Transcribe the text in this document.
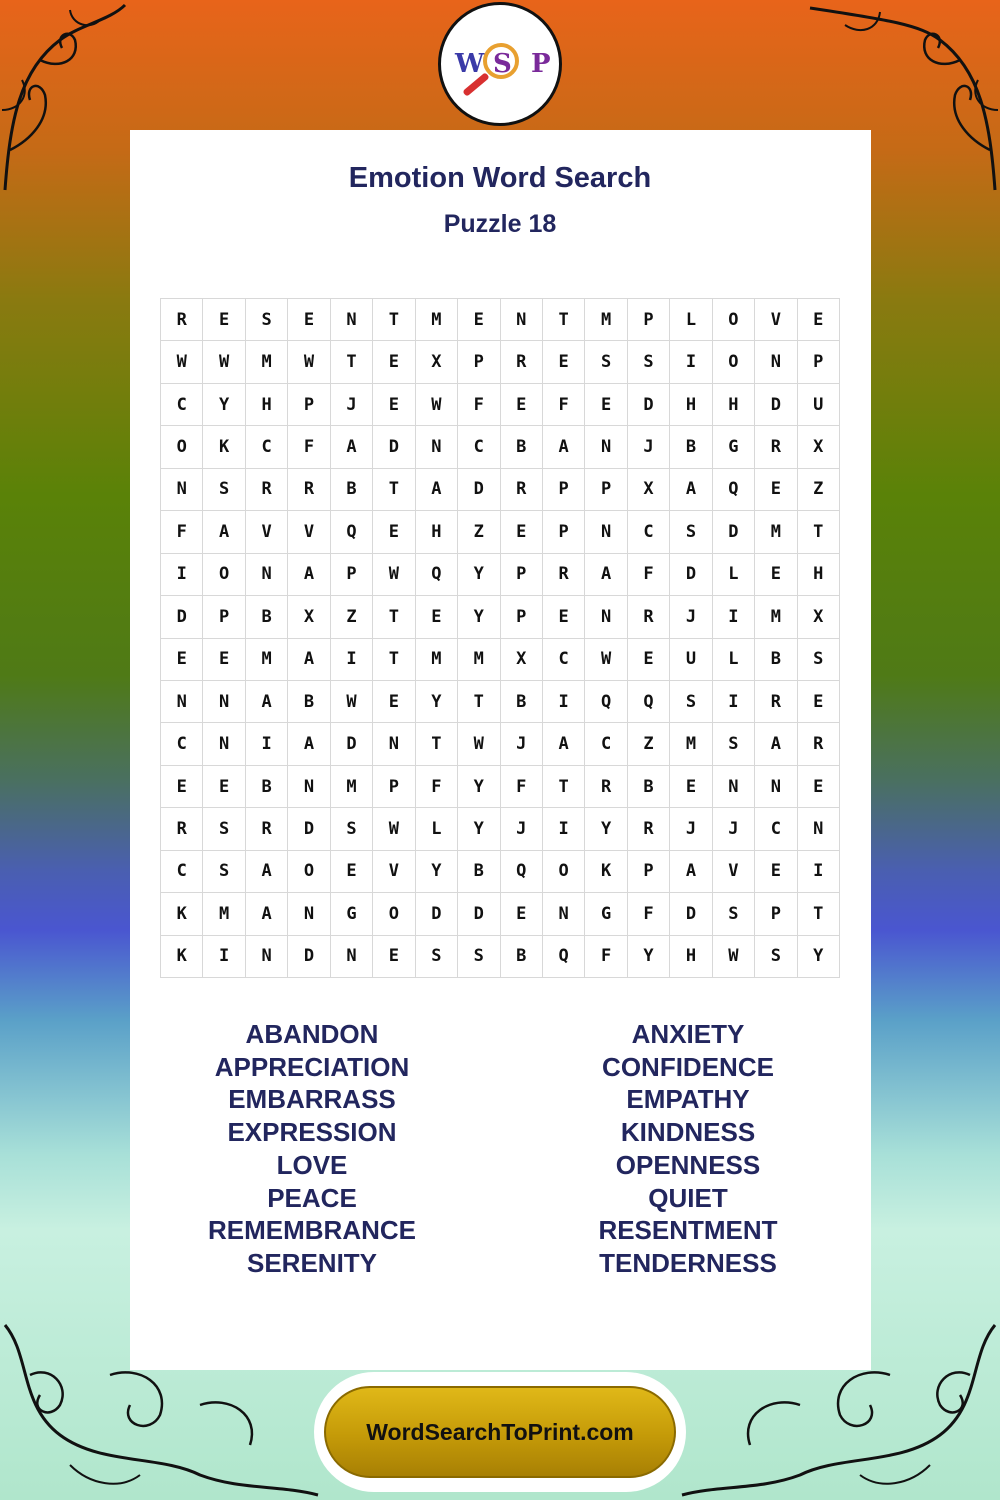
W S P
Emotion Word Search
Puzzle 18
R	E	S	E	N	T	M	E	N	T	M	P	L	O	V	E
W	W	M	W	T	E	X	P	R	E	S	S	I	O	N	P
C	Y	H	P	J	E	W	F	E	F	E	D	H	H	D	U
O	K	C	F	A	D	N	C	B	A	N	J	B	G	R	X
N	S	R	R	B	T	A	D	R	P	P	X	A	Q	E	Z
F	A	V	V	Q	E	H	Z	E	P	N	C	S	D	M	T
I	O	N	A	P	W	Q	Y	P	R	A	F	D	L	E	H
D	P	B	X	Z	T	E	Y	P	E	N	R	J	I	M	X
E	E	M	A	I	T	M	M	X	C	W	E	U	L	B	S
N	N	A	B	W	E	Y	T	B	I	Q	Q	S	I	R	E
C	N	I	A	D	N	T	W	J	A	C	Z	M	S	A	R
E	E	B	N	M	P	F	Y	F	T	R	B	E	N	N	E
R	S	R	D	S	W	L	Y	J	I	Y	R	J	J	C	N
C	S	A	O	E	V	Y	B	Q	O	K	P	A	V	E	I
K	M	A	N	G	O	D	D	E	N	G	F	D	S	P	T
K	I	N	D	N	E	S	S	B	Q	F	Y	H	W	S	Y
ABANDON
APPRECIATION
EMBARRASS
EXPRESSION
LOVE
PEACE
REMEMBRANCE
SERENITY
ANXIETY
CONFIDENCE
EMPATHY
KINDNESS
OPENNESS
QUIET
RESENTMENT
TENDERNESS
WordSearchToPrint.com
